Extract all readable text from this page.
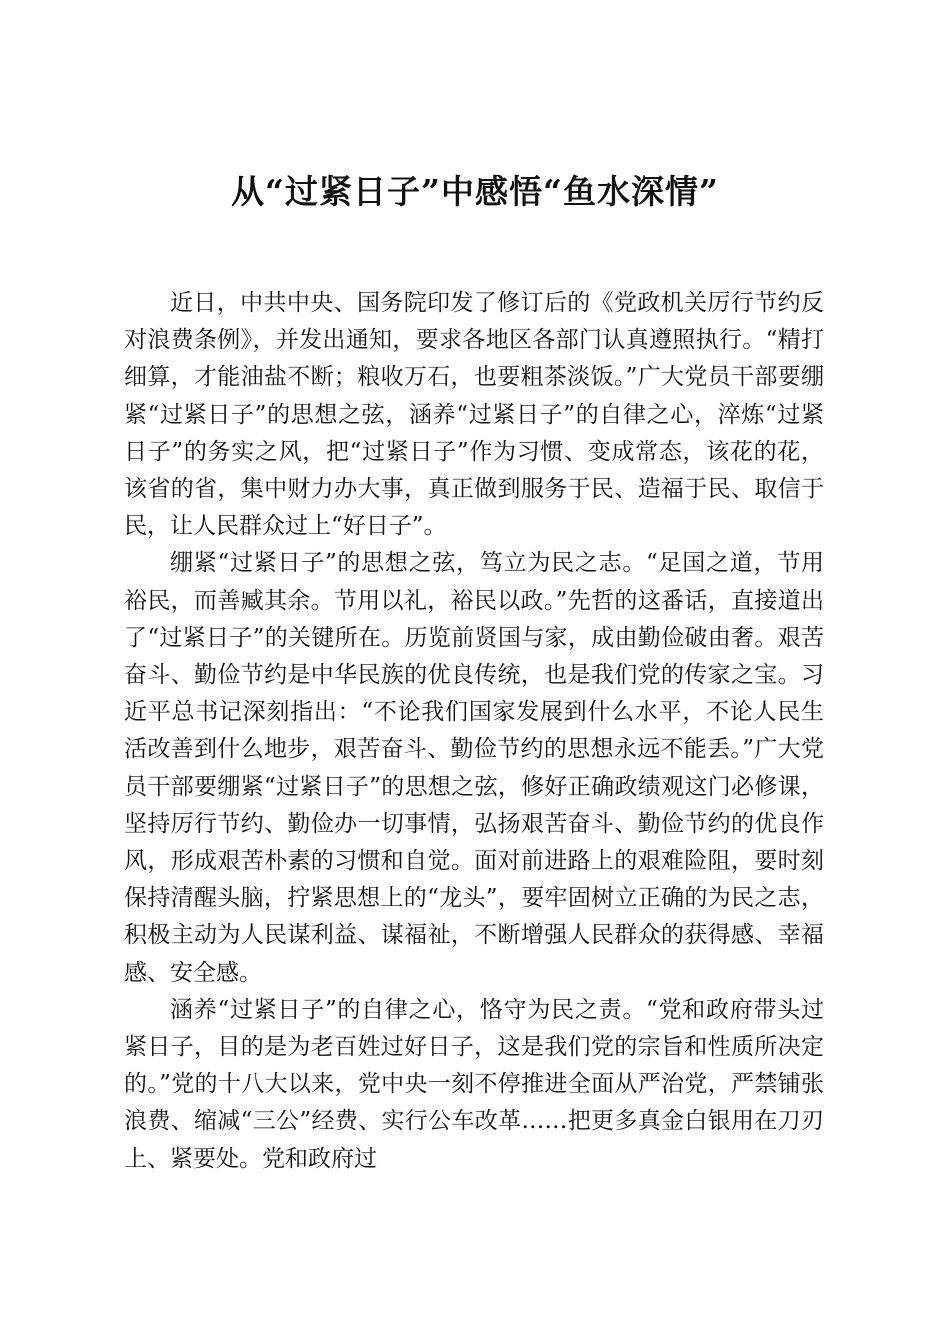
从“过紧日子”中感悟“鱼水深情”

近日，中共中央、国务院印发了修订后的《党政机关厉行节约反对浪费条例》，并发出通知，要求各地区各部门认真遵照执行。“精打细算，才能油盐不断；粮收万石，也要粗茶淡饭。”广大党员干部要绷紧“过紧日子”的思想之弦，涵养“过紧日子”的自律之心，淬炼“过紧日子”的务实之风，把“过紧日子”作为习惯、变成常态，该花的花，该省的省，集中财力办大事，真正做到服务于民、造福于民、取信于民，让人民群众过上“好日子”。

绷紧“过紧日子”的思想之弦，笃立为民之志。“足国之道，节用裕民，而善臧其余。节用以礼，裕民以政。”先哲的这番话，直接道出了“过紧日子”的关键所在。历览前贤国与家，成由勤俭破由奢。艰苦奋斗、勤俭节约是中华民族的优良传统，也是我们党的传家之宝。习近平总书记深刻指出：“不论我们国家发展到什么水平，不论人民生活改善到什么地步，艰苦奋斗、勤俭节约的思想永远不能丢。”广大党员干部要绷紧“过紧日子”的思想之弦，修好正确政绩观这门必修课，坚持厉行节约、勤俭办一切事情，弘扬艰苦奋斗、勤俭节约的优良作风，形成艰苦朴素的习惯和自觉。面对前进路上的艰难险阻，要时刻保持清醒头脑，拧紧思想上的“龙头”，要牢固树立正确的为民之志，积极主动为人民谋利益、谋福祉，不断增强人民群众的获得感、幸福感、安全感。

涵养“过紧日子”的自律之心，恪守为民之责。“党和政府带头过紧日子，目的是为老百姓过好日子，这是我们党的宗旨和性质所决定的。”党的十八大以来，党中央一刻不停推进全面从严治党，严禁铺张浪费、缩减“三公”经费、实行公车改革……把更多真金白银用在刀刃上、紧要处。党和政府过
